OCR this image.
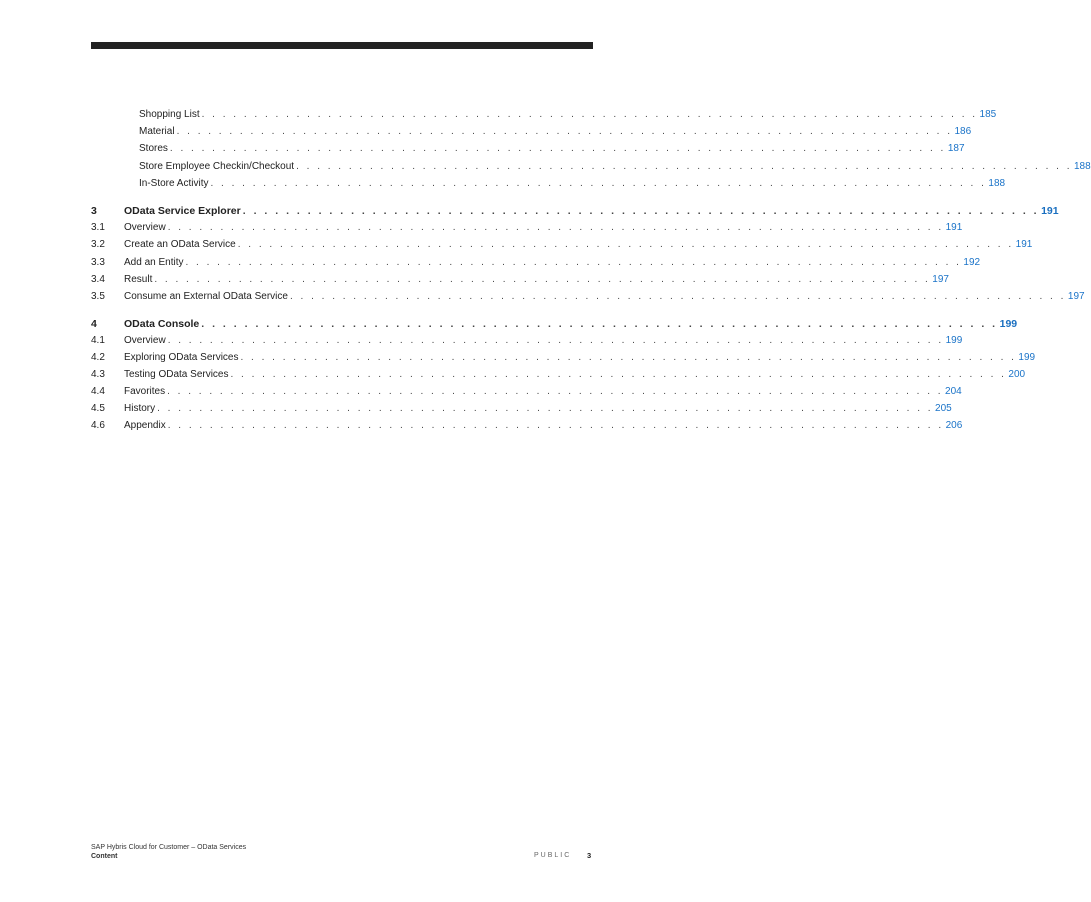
Shopping List . . . . . . . . . . . . . . . . . . . . . . . . . . . . . . . . . . . . . . . . . . . . . . . . . . . . . . . . . . . . . . . . . . . . . . . . . . 185
Material . . . . . . . . . . . . . . . . . . . . . . . . . . . . . . . . . . . . . . . . . . . . . . . . . . . . . . . . . . . . . . . . . . . . . . . . . . 186
Stores . . . . . . . . . . . . . . . . . . . . . . . . . . . . . . . . . . . . . . . . . . . . . . . . . . . . . . . . . . . . . . . . . . . . . . . . . . 187
Store Employee Checkin/Checkout . . . . . . . . . . . . . . . . . . . . . . . . . . . . . . . . . . . . . . . . . . . . . . . . . . . . . . . . . . . . . . . . . . . . . . . . . . 188
In-Store Activity . . . . . . . . . . . . . . . . . . . . . . . . . . . . . . . . . . . . . . . . . . . . . . . . . . . . . . . . . . . . . . . . . . . . . . . . . . 188
3	OData Service Explorer . . . . . . . . . . . . . . . . . . . . . . . . . . . . . . . . . . . . . . . . . . . . . . . . . . . . . . . . . . . . . . . . . . . . . . . . . . 191
3.1	Overview . . . . . . . . . . . . . . . . . . . . . . . . . . . . . . . . . . . . . . . . . . . . . . . . . . . . . . . . . . . . . . . . . . . . . . . . . . 191
3.2	Create an OData Service . . . . . . . . . . . . . . . . . . . . . . . . . . . . . . . . . . . . . . . . . . . . . . . . . . . . . . . . . . . . . . . . . . . . . . . . . . 191
3.3	Add an Entity . . . . . . . . . . . . . . . . . . . . . . . . . . . . . . . . . . . . . . . . . . . . . . . . . . . . . . . . . . . . . . . . . . . . . . . . . . 192
3.4	Result . . . . . . . . . . . . . . . . . . . . . . . . . . . . . . . . . . . . . . . . . . . . . . . . . . . . . . . . . . . . . . . . . . . . . . . . . . 197
3.5	Consume an External OData Service . . . . . . . . . . . . . . . . . . . . . . . . . . . . . . . . . . . . . . . . . . . . . . . . . . . . . . . . . . . . . . . . . . . . . . . . . . 197
4	OData Console . . . . . . . . . . . . . . . . . . . . . . . . . . . . . . . . . . . . . . . . . . . . . . . . . . . . . . . . . . . . . . . . . . . . . . . . . . 199
4.1	Overview . . . . . . . . . . . . . . . . . . . . . . . . . . . . . . . . . . . . . . . . . . . . . . . . . . . . . . . . . . . . . . . . . . . . . . . . . . 199
4.2	Exploring OData Services . . . . . . . . . . . . . . . . . . . . . . . . . . . . . . . . . . . . . . . . . . . . . . . . . . . . . . . . . . . . . . . . . . . . . . . . . . 199
4.3	Testing OData Services . . . . . . . . . . . . . . . . . . . . . . . . . . . . . . . . . . . . . . . . . . . . . . . . . . . . . . . . . . . . . . . . . . . . . . . . . . 200
4.4	Favorites . . . . . . . . . . . . . . . . . . . . . . . . . . . . . . . . . . . . . . . . . . . . . . . . . . . . . . . . . . . . . . . . . . . . . . . . . . 204
4.5	History . . . . . . . . . . . . . . . . . . . . . . . . . . . . . . . . . . . . . . . . . . . . . . . . . . . . . . . . . . . . . . . . . . . . . . . . . . 205
4.6	Appendix . . . . . . . . . . . . . . . . . . . . . . . . . . . . . . . . . . . . . . . . . . . . . . . . . . . . . . . . . . . . . . . . . . . . . . . . . . 206
SAP Hybris Cloud for Customer – OData Services
Content	PUBLIC 3
